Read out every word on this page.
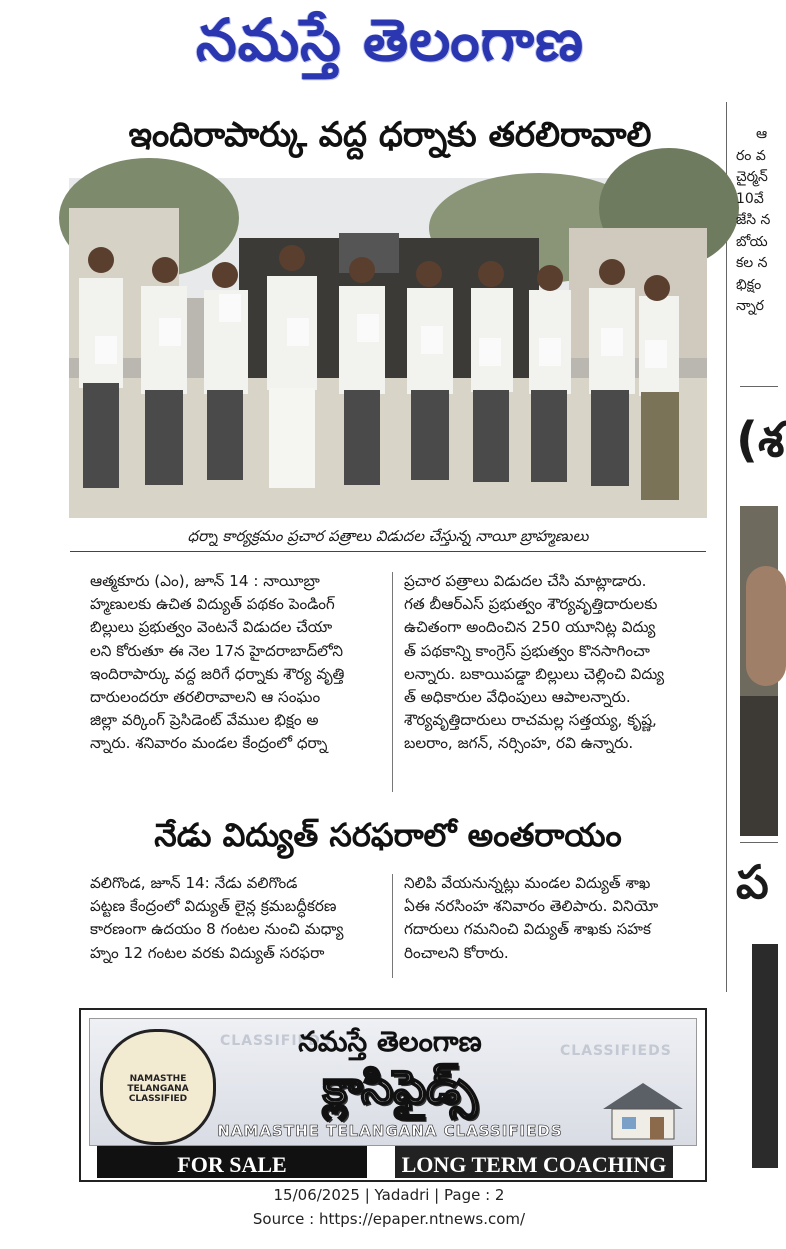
నమస్తే తెలంగాణ
ఇందిరాపార్కు వద్ద ధర్నాకు తరలిరావాలి
ధర్నా కార్యక్రమం ప్రచార పత్రాలు విడుదల చేస్తున్న నాయీ బ్రాహ్మణులు

ఆత్మకూరు (ఎం), జూన్ 14 : నాయీబ్రా

హ్మణులకు ఉచిత విద్యుత్ పథకం పెండింగ్

బిల్లులు ప్రభుత్వం వెంటనే విడుదల చేయా

లని కోరుతూ ఈ నెల 17న హైదరాబాద్‌లోని

ఇందిరాపార్కు వద్ద జరిగే ధర్నాకు శౌర్య వృత్తి

దారులందరూ తరలిరావాలని ఆ సంఘం

జిల్లా వర్కింగ్ ప్రెసిడెంట్ వేముల భిక్షం అ

న్నారు. శనివారం మండల కేంద్రంలో ధర్నా

ప్రచార పత్రాలు విడుదల చేసి మాట్లాడారు.

గత బీఆర్‌ఎస్ ప్రభుత్వం శౌర్యవృత్తిదారులకు

ఉచితంగా అందించిన 250 యూనిట్ల విద్యు

త్ పథకాన్ని కాంగ్రెస్ ప్రభుత్వం కొనసాగించా

లన్నారు. బకాయిపడ్డా బిల్లులు చెల్లించి విద్యు

త్ అధికారుల వేధింపులు ఆపాలన్నారు.

శౌర్యవృత్తిదారులు రాచమల్ల సత్తయ్య, కృష్ణ,

బలరాం, జగన్, నర్సింహ, రవి ఉన్నారు.

నేడు విద్యుత్ సరఫరాలో అంతరాయం

వలిగొండ, జూన్ 14: నేడు వలిగొండ

పట్టణ కేంద్రంలో విద్యుత్ లైన్ల క్రమబద్ధీకరణ

కారణంగా ఉదయం 8 గంటల నుంచి మధ్యా

హ్నం 12 గంటల వరకు విద్యుత్ సరఫరా

నిలిపి వేయనున్నట్లు మండల విద్యుత్ శాఖ

ఏఈ నరసింహ శనివారం తెలిపారు. వినియో

గదారులు గమనించి విద్యుత్ శాఖకు సహక

రించాలని కోరారు.

CLASSIFIEDS
CLASSIFIEDS
NAMASTHE TELANGANA CLASSIFIED
నమస్తే తెలంగాణ
క్లాసిఫైడ్స్
NAMASTHE TELANGANA CLASSIFIEDS
FOR SALE	LONG TERM COACHING
ఆ
రం వ
చైర్మన్
10వే
జేసి న
బోయ
కల న
భిక్షం
న్నార
(శ
ప
15/06/2025 | Yadadri | Page : 2
Source : https://epaper.ntnews.com/
